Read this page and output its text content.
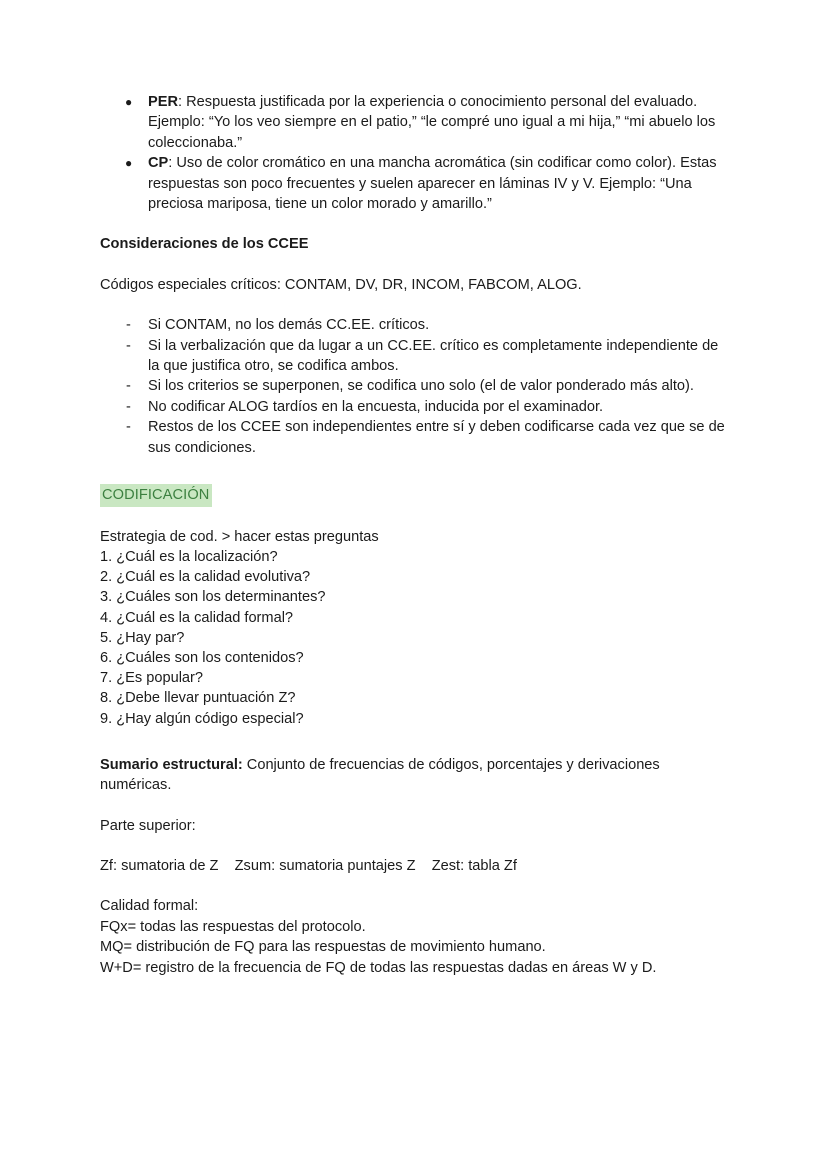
● PER: Respuesta justificada por la experiencia o conocimiento personal del evaluado. Ejemplo: “Yo los veo siempre en el patio,” “le compré uno igual a mi hija,” “mi abuelo los coleccionaba.”
● CP: Uso de color cromático en una mancha acromática (sin codificar como color). Estas respuestas son poco frecuentes y suelen aparecer en láminas IV y V. Ejemplo: “Una preciosa mariposa, tiene un color morado y amarillo.”

Consideraciones de los CCEE

Códigos especiales críticos: CONTAM, DV, DR, INCOM, FABCOM, ALOG.

- Si CONTAM, no los demás CC.EE. críticos.
- Si la verbalización que da lugar a un CC.EE. crítico es completamente independiente de la que justifica otro, se codifica ambos.
- Si los criterios se superponen, se codifica uno solo (el de valor ponderado más alto).
- No codificar ALOG tardíos en la encuesta, inducida por el examinador.
- Restos de los CCEE son independientes entre sí y deben codificarse cada vez que se de sus condiciones.
CODIFICACIÓN

Estrategia de cod. > hacer estas preguntas

1. ¿Cuál es la localización?
2. ¿Cuál es la calidad evolutiva?
3. ¿Cuáles son los determinantes?
4. ¿Cuál es la calidad formal?
5. ¿Hay par?
6. ¿Cuáles son los contenidos?
7. ¿Es popular?
8. ¿Debe llevar puntuación Z?
9. ¿Hay algún código especial?

Sumario estructural: Conjunto de frecuencias de códigos, porcentajes y derivaciones numéricas.

Parte superior:

Zf: sumatoria de Z    Zsum: sumatoria puntajes Z    Zest: tabla Zf

Calidad formal:

FQx= todas las respuestas del protocolo.

MQ= distribución de FQ para las respuestas de movimiento humano.

W+D= registro de la frecuencia de FQ de todas las respuestas dadas en áreas W y D.
